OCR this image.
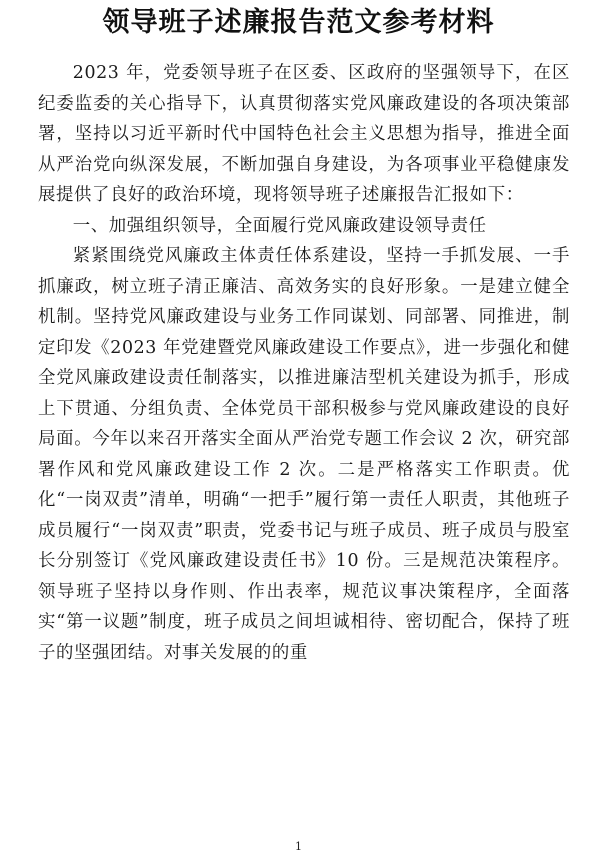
领导班子述廉报告范文参考材料

2023 年，党委领导班子在区委、区政府的坚强领导下，在区纪委监委的关心指导下，认真贯彻落实党风廉政建设的各项决策部署，坚持以习近平新时代中国特色社会主义思想为指导，推进全面从严治党向纵深发展，不断加强自身建设，为各项事业平稳健康发展提供了良好的政治环境，现将领导班子述廉报告汇报如下：

一、加强组织领导，全面履行党风廉政建设领导责任

紧紧围绕党风廉政主体责任体系建设，坚持一手抓发展、一手抓廉政，树立班子清正廉洁、高效务实的良好形象。一是建立健全机制。坚持党风廉政建设与业务工作同谋划、同部署、同推进，制定印发《2023 年党建暨党风廉政建设工作要点》，进一步强化和健全党风廉政建设责任制落实，以推进廉洁型机关建设为抓手，形成上下贯通、分组负责、全体党员干部积极参与党风廉政建设的良好局面。今年以来召开落实全面从严治党专题工作会议 2 次，研究部署作风和党风廉政建设工作 2 次。二是严格落实工作职责。优化“一岗双责”清单，明确“一把手”履行第一责任人职责，其他班子成员履行“一岗双责”职责，党委书记与班子成员、班子成员与股室长分别签订《党风廉政建设责任书》10 份。三是规范决策程序。领导班子坚持以身作则、作出表率，规范议事决策程序，全面落实“第一议题”制度，班子成员之间坦诚相待、密切配合，保持了班子的坚强团结。对事关发展的的重

1
